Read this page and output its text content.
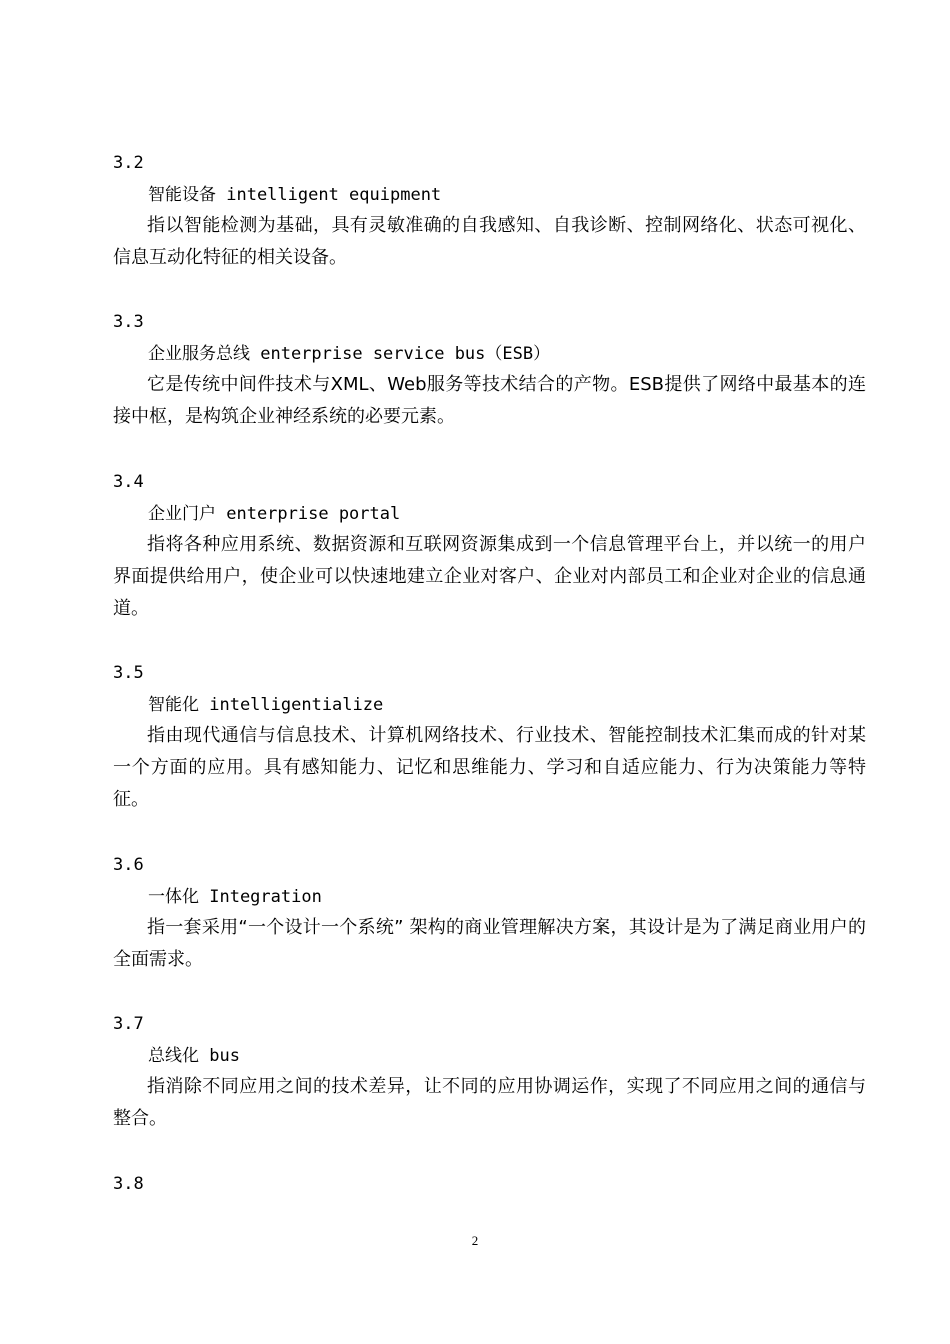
3.2
智能设备 intelligent equipment
指以智能检测为基础，具有灵敏准确的自我感知、自我诊断、控制网络化、状态可视化、信息互动化特征的相关设备。
3.3
企业服务总线 enterprise service bus（ESB）
它是传统中间件技术与XML、Web服务等技术结合的产物。ESB提供了网络中最基本的连接中枢，是构筑企业神经系统的必要元素。
3.4
企业门户 enterprise portal
指将各种应用系统、数据资源和互联网资源集成到一个信息管理平台上，并以统一的用户界面提供给用户，使企业可以快速地建立企业对客户、企业对内部员工和企业对企业的信息通道。
3.5
智能化 intelligentialize
指由现代通信与信息技术、计算机网络技术、行业技术、智能控制技术汇集而成的针对某一个方面的应用。具有感知能力、记忆和思维能力、学习和自适应能力、行为决策能力等特征。
3.6
一体化 Integration
指一套采用“一个设计一个系统” 架构的商业管理解决方案，其设计是为了满足商业用户的全面需求。
3.7
总线化 bus
指消除不同应用之间的技术差异，让不同的应用协调运作，实现了不同应用之间的通信与整合。
3.8
2
